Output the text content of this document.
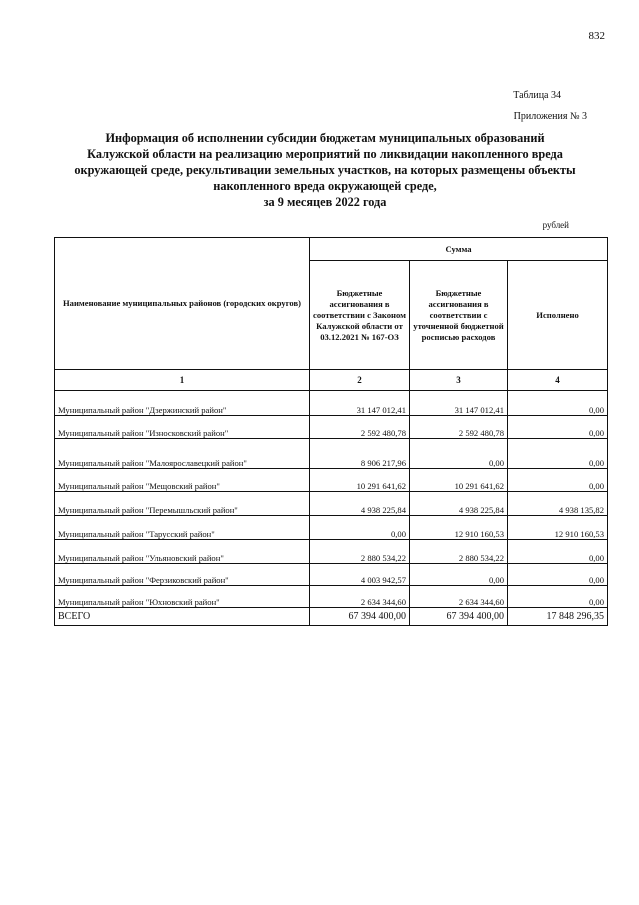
832
Таблица 34
Приложения № 3
Информация об исполнении субсидии бюджетам муниципальных образований
Калужской области на реализацию мероприятий по ликвидации накопленного вреда
окружающей среде, рекультивации земельных участков, на которых размещены объекты
накопленного вреда окружающей среде,
за 9 месяцев 2022 года
рублей
Наименование муниципальных районов (городских округов)	Сумма		
	Бюджетные ассигнования в соответствии с Законом Калужской области от 03.12.2021 № 167-ОЗ	Бюджетные ассигнования в соответствии с уточненной бюджетной росписью расходов	Исполнено
1	2	3	4
Муниципальный район "Дзержинский район"	31 147 012,41	31 147 012,41	0,00
Муниципальный район "Износковский район"	2 592 480,78	2 592 480,78	0,00
Муниципальный район "Малоярославецкий район"	8 906 217,96	0,00	0,00
Муниципальный район "Мещовский район"	10 291 641,62	10 291 641,62	0,00
Муниципальный район "Перемышльский район"	4 938 225,84	4 938 225,84	4 938 135,82
Муниципальный район "Тарусский район"	0,00	12 910 160,53	12 910 160,53
Муниципальный район "Ульяновский район"	2 880 534,22	2 880 534,22	0,00
Муниципальный район "Ферзиковский район"	4 003 942,57	0,00	0,00
Муниципальный район "Юхновский район"	2 634 344,60	2 634 344,60	0,00
ВСЕГО	67 394 400,00	67 394 400,00	17 848 296,35
